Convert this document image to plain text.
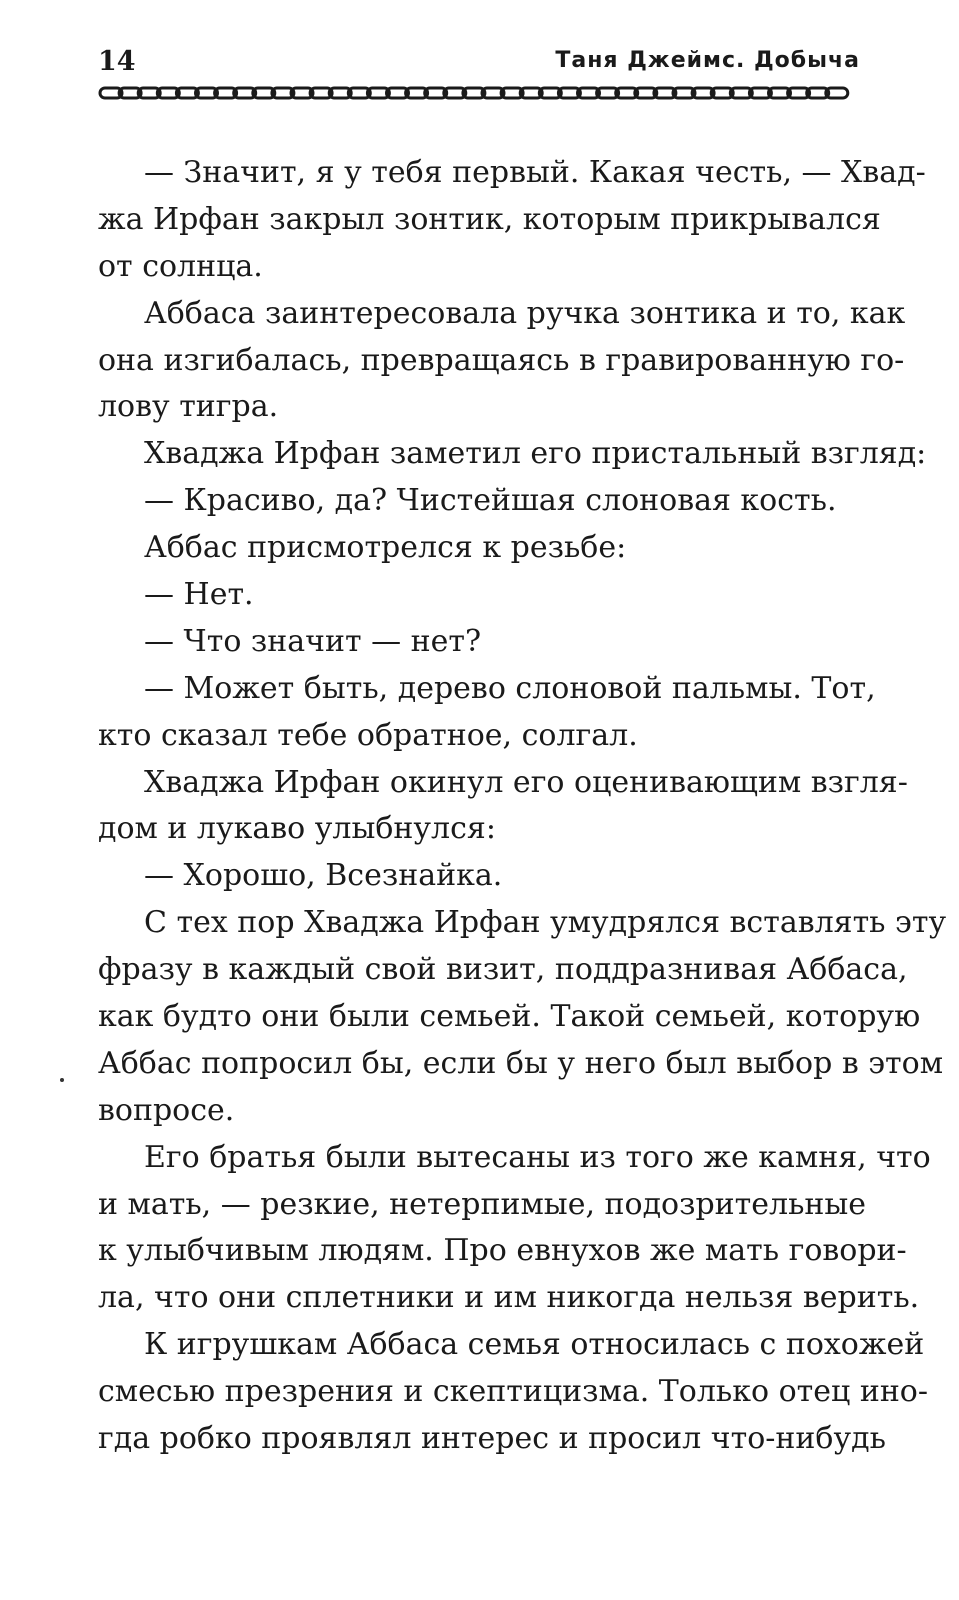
14	Таня Джеймс. Добыча
— Значит, я у тебя первый. Какая честь, — Хвад-
жа Ирфан закрыл зонтик, которым прикрывался
от солнца.
Аббаса заинтересовала ручка зонтика и то, как
она изгибалась, превращаясь в гравированную го-
лову тигра.
Хваджа Ирфан заметил его пристальный взгляд:
— Красиво, да? Чистейшая слоновая кость.
Аббас присмотрелся к резьбе:
— Нет.
— Что значит — нет?
— Может быть, дерево слоновой пальмы. Тот,
кто сказал тебе обратное, солгал.
Хваджа Ирфан окинул его оценивающим взгля-
дом и лукаво улыбнулся:
— Хорошо, Всезнайка.
С тех пор Хваджа Ирфан умудрялся вставлять эту
фразу в каждый свой визит, поддразнивая Аббаса,
как будто они были семьей. Такой семьей, которую
Аббас попросил бы, если бы у него был выбор в этом
вопросе.
Его братья были вытесаны из того же камня, что
и мать, — резкие, нетерпимые, подозрительные
к улыбчивым людям. Про евнухов же мать говори-
ла, что они сплетники и им никогда нельзя верить.
К игрушкам Аббаса семья относилась с похожей
смесью презрения и скептицизма. Только отец ино-
гда робко проявлял интерес и просил что-нибудь
